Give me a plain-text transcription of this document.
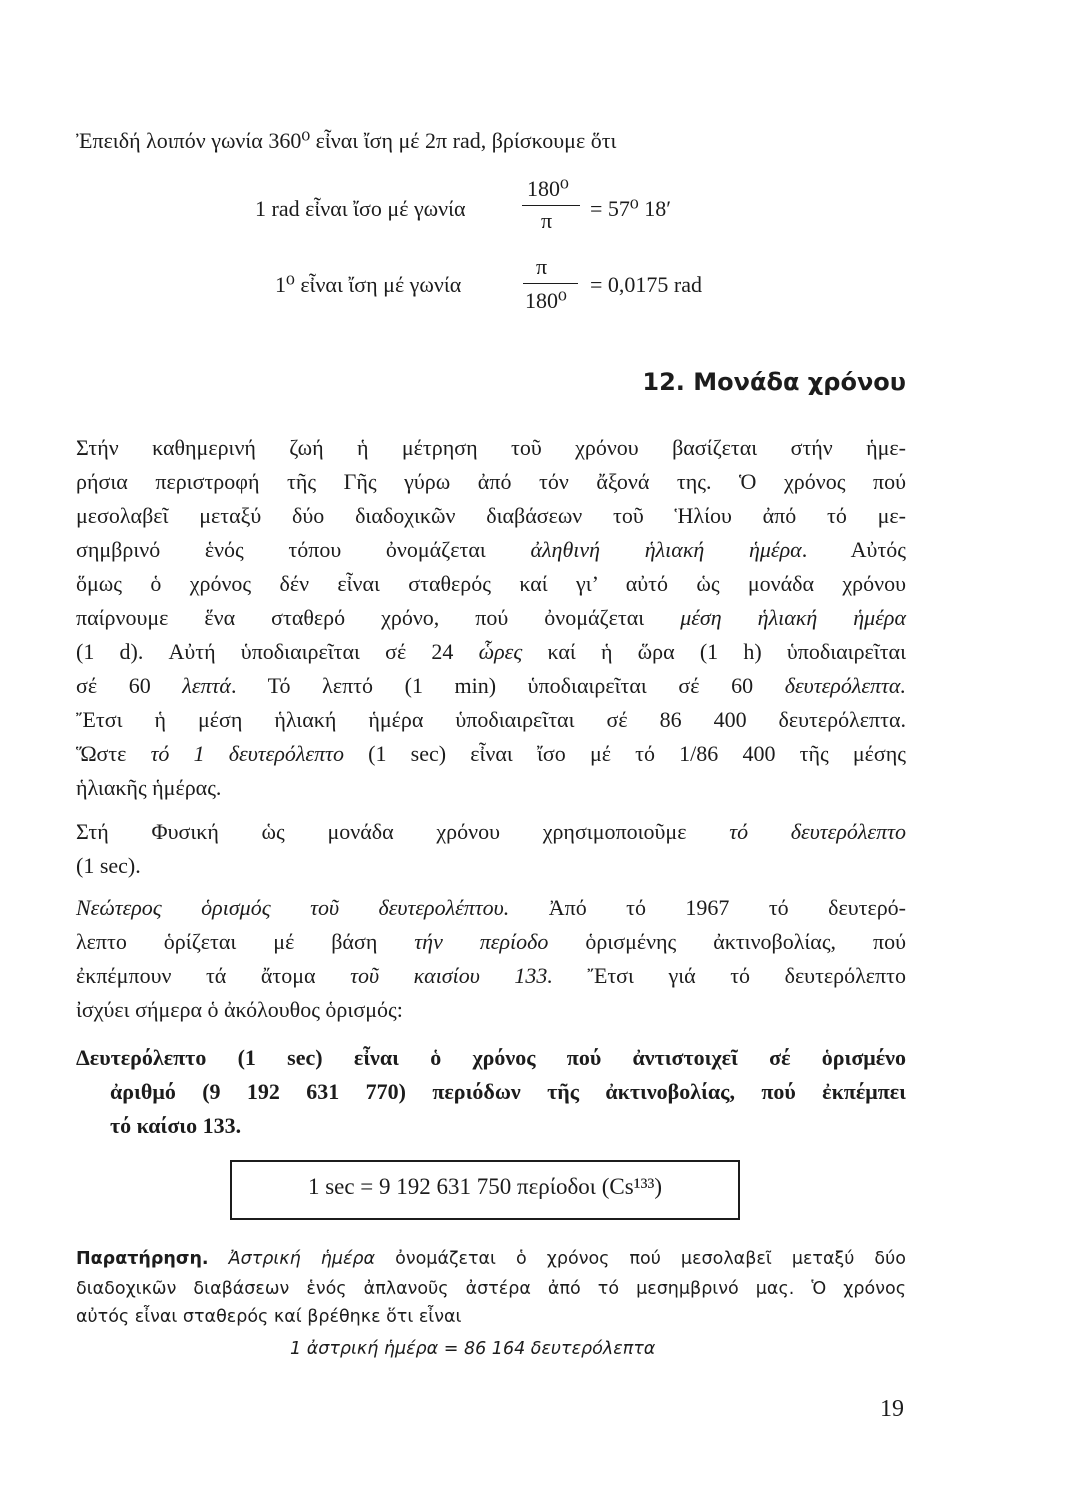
Ἐπειδή λοιπόν γωνία 360⁰ εἶναι ἴση μέ 2π rad, βρίσκουμε ὅτι
1 rad εἶναι ἴσο μέ γωνία
180⁰
π = 57⁰ 18′
1⁰ εἶναι ἴση μέ γωνία
π
180⁰
= 0,0175 rad
12. Μονάδα χρόνου
Στήν καθημερινή ζωή ἡ μέτρηση τοῦ χρόνου βασίζεται στήν ἡμε-
ρήσια περιστροφή τῆς Γῆς γύρω ἀπό τόν ἄξονά της. Ὁ χρόνος πού
μεσολαβεῖ μεταξύ δύο διαδοχικῶν διαβάσεων τοῦ Ἡλίου ἀπό τό με-
σημβρινό ἑνός τόπου ὀνομάζεται ἀληθινή ἡλιακή ἡμέρα. Αὐτός
ὅμως ὁ χρόνος δέν εἶναι σταθερός καί γι’ αὐτό ὡς μονάδα χρόνου
παίρνουμε ἕνα σταθερό χρόνο, πού ὀνομάζεται μέση ἡλιακή ἡμέρα
(1 d). Αὐτή ὑποδιαιρεῖται σέ 24 ὧρες καί ἡ ὥρα (1 h) ὑποδιαιρεῖται
σέ 60 λεπτά. Τό λεπτό (1 min) ὑποδιαιρεῖται σέ 60 δευτερόλεπτα.
Ἔτσι ἡ μέση ἡλιακή ἡμέρα ὑποδιαιρεῖται σέ 86 400 δευτερόλεπτα.
Ὥστε τό 1 δευτερόλεπτο (1 sec) εἶναι ἴσο μέ τό 1/86 400 τῆς μέσης
ἡλιακῆς ἡμέρας.
Στή Φυσική ὡς μονάδα χρόνου χρησιμοποιοῦμε τό δευτερόλεπτο
(1 sec).
Νεώτερος ὁρισμός τοῦ δευτερολέπτου. Ἀπό τό 1967 τό δευτερό-
λεπτο ὁρίζεται μέ βάση τήν περίοδο ὁρισμένης ἀκτινοβολίας, πού
ἐκπέμπουν τά ἄτομα τοῦ καισίου 133. Ἔτσι γιά τό δευτερόλεπτο
ἰσχύει σήμερα ὁ ἀκόλουθος ὁρισμός:
Δευτερόλεπτο (1 sec) εἶναι ὁ χρόνος πού ἀντιστοιχεῖ σέ ὁρισμένο
ἀριθμό (9 192 631 770) περιόδων τῆς ἀκτινοβολίας, πού ἐκπέμπει
τό καίσιο 133.
1 sec = 9 192 631 750 περίοδοι (Cs¹³³)
Παρατήρηση. Ἀστρική ἡμέρα ὀνομάζεται ὁ χρόνος πού μεσολαβεῖ μεταξύ δύο
διαδοχικῶν διαβάσεων ἑνός ἀπλανοῦς ἀστέρα ἀπό τό μεσημβρινό μας. Ὁ χρόνος
αὐτός εἶναι σταθερός καί βρέθηκε ὅτι εἶναι
1 ἀστρική ἡμέρα = 86 164 δευτερόλεπτα
19
